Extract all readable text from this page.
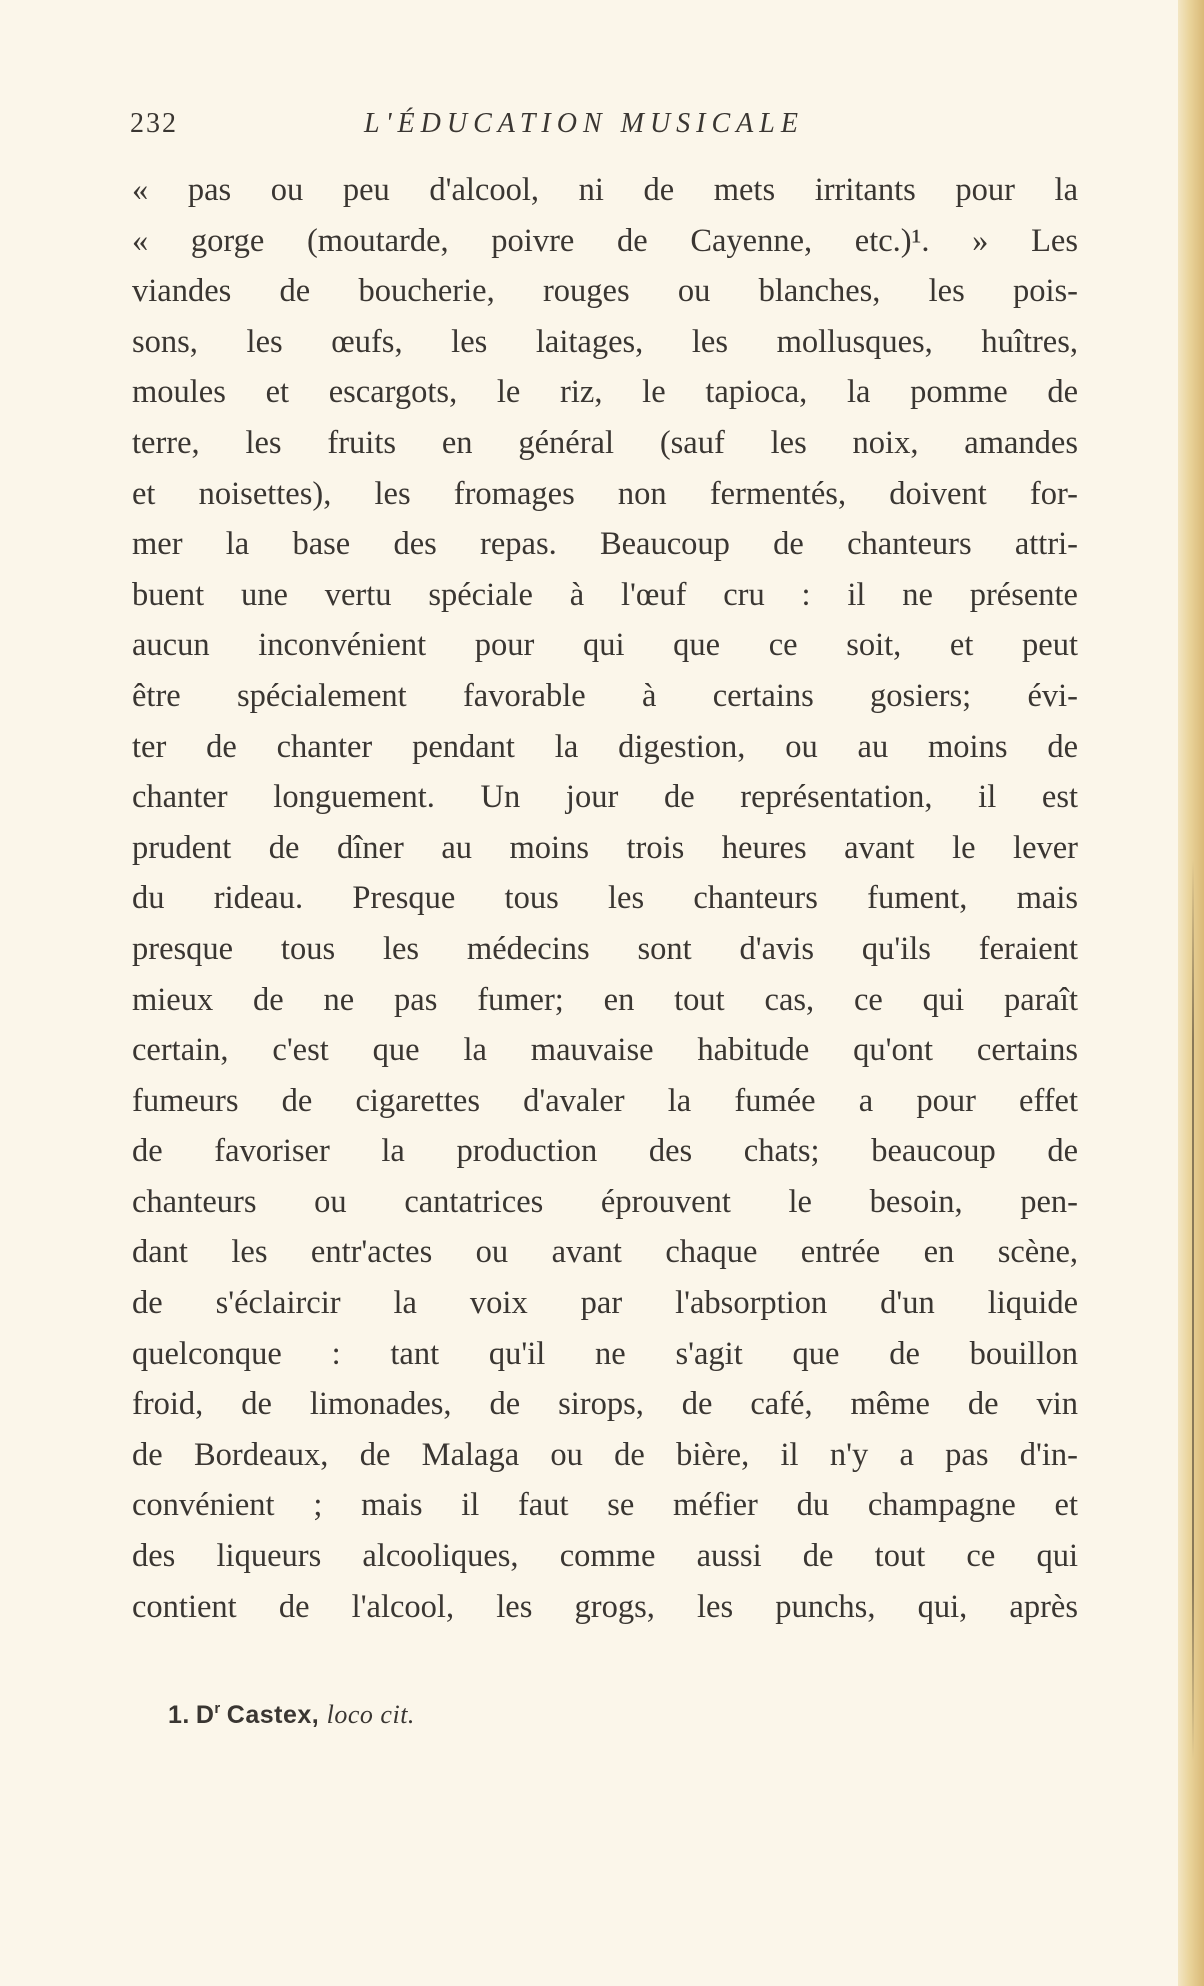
232	L'ÉDUCATION MUSICALE
« pas ou peu d'alcool, ni de mets irritants pour la
« gorge (moutarde, poivre de Cayenne, etc.)¹. » Les
viandes de boucherie, rouges ou blanches, les pois-
sons, les œufs, les laitages, les mollusques, huîtres,
moules et escargots, le riz, le tapioca, la pomme de
terre, les fruits en général (sauf les noix, amandes
et noisettes), les fromages non fermentés, doivent for-
mer la base des repas. Beaucoup de chanteurs attri-
buent une vertu spéciale à l'œuf cru : il ne présente
aucun inconvénient pour qui que ce soit, et peut
être spécialement favorable à certains gosiers; évi-
ter de chanter pendant la digestion, ou au moins de
chanter longuement. Un jour de représentation, il est
prudent de dîner au moins trois heures avant le lever
du rideau. Presque tous les chanteurs fument, mais
presque tous les médecins sont d'avis qu'ils feraient
mieux de ne pas fumer; en tout cas, ce qui paraît
certain, c'est que la mauvaise habitude qu'ont certains
fumeurs de cigarettes d'avaler la fumée a pour effet
de favoriser la production des chats; beaucoup de
chanteurs ou cantatrices éprouvent le besoin, pen-
dant les entr'actes ou avant chaque entrée en scène,
de s'éclaircir la voix par l'absorption d'un liquide
quelconque : tant qu'il ne s'agit que de bouillon
froid, de limonades, de sirops, de café, même de vin
de Bordeaux, de Malaga ou de bière, il n'y a pas d'in-
convénient ; mais il faut se méfier du champagne et
des liqueurs alcooliques, comme aussi de tout ce qui
contient de l'alcool, les grogs, les punchs, qui, après
1. D$^r$ Castex, loco cit.
